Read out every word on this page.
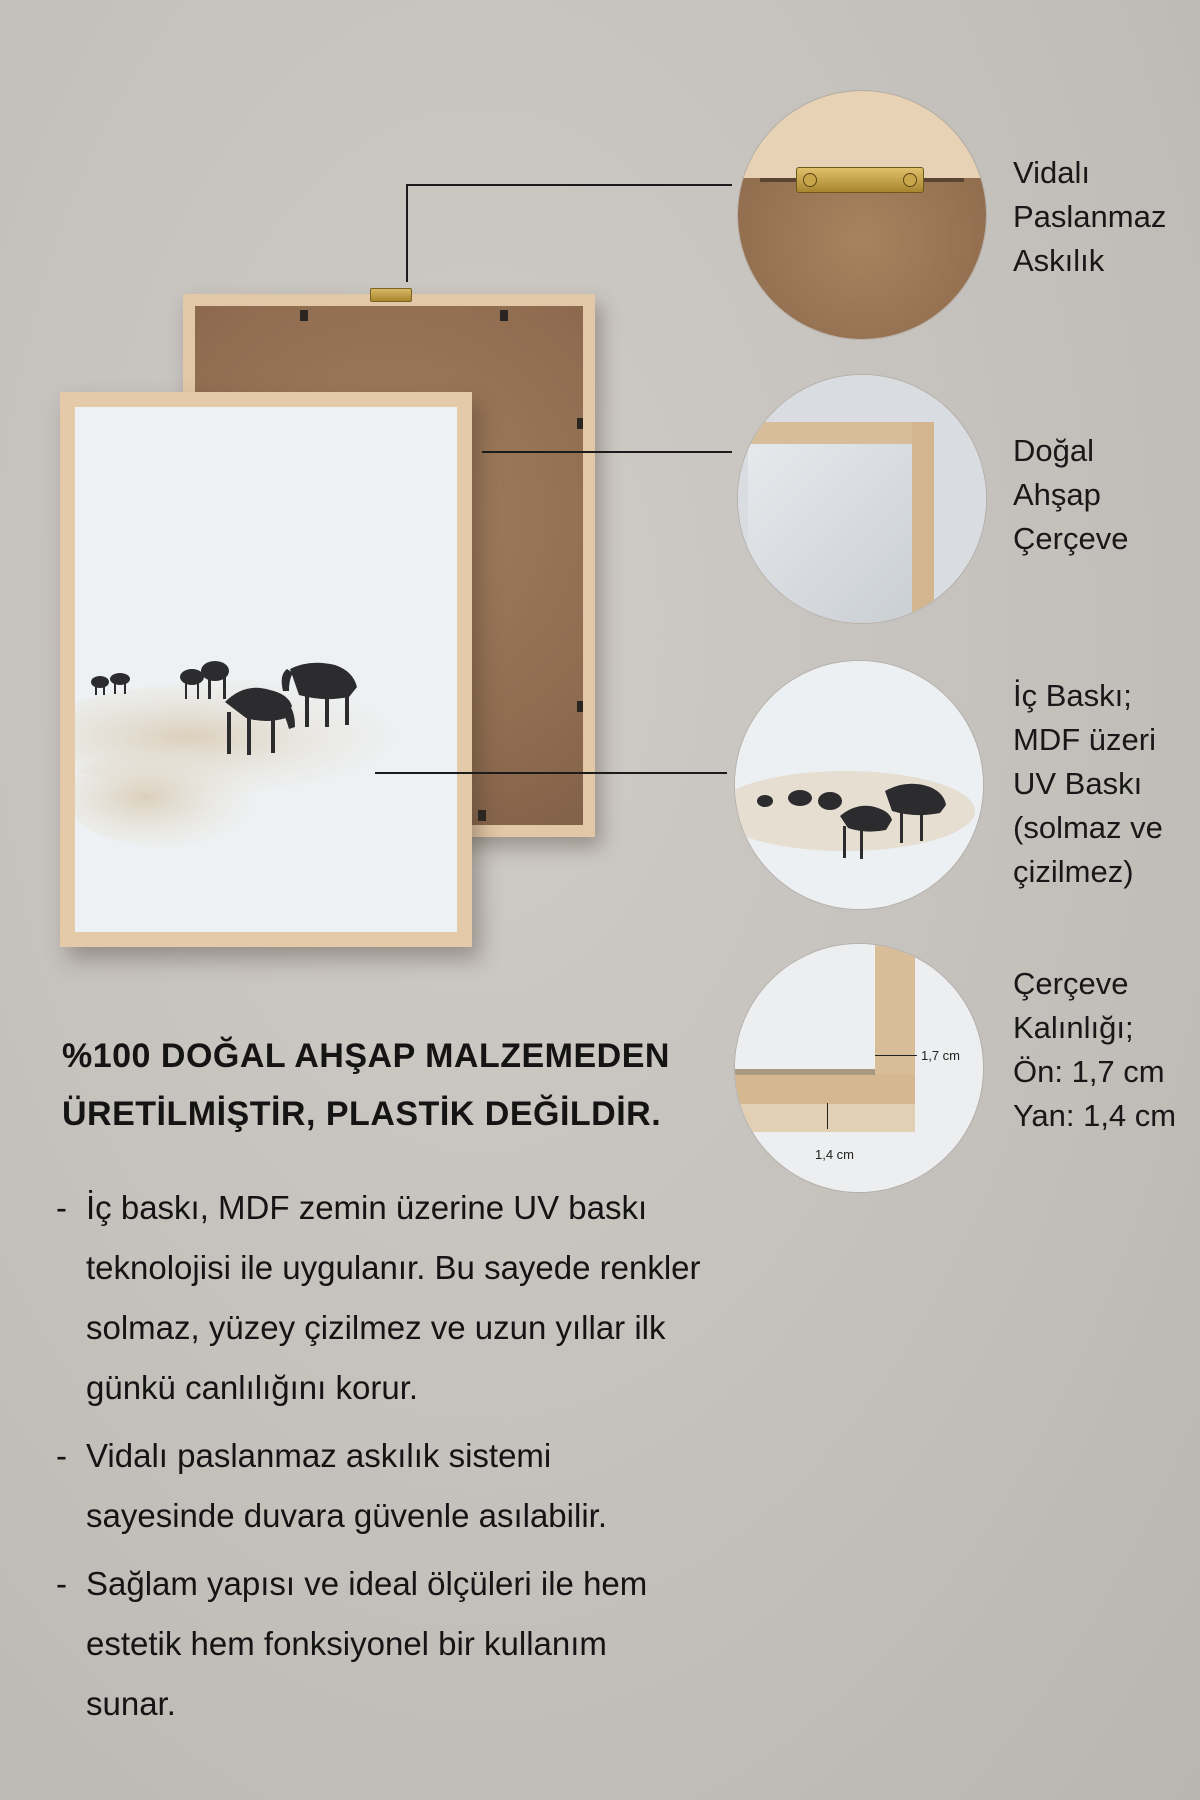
Vidalı
Paslanmaz
Askılık
Doğal
Ahşap
Çerçeve
İç Baskı;
MDF üzeri
UV Baskı
(solmaz ve
çizilmez)
1,7 cm
1,4 cm
Çerçeve
Kalınlığı;
Ön: 1,7 cm
Yan: 1,4 cm
%100 DOĞAL AHŞAP MALZEMEDEN
ÜRETİLMİŞTİR, PLASTİK DEĞİLDİR.
- İç baskı, MDF zemin üzerine UV baskı
teknolojisi ile uygulanır. Bu sayede renkler
solmaz, yüzey çizilmez ve uzun yıllar ilk
günkü canlılığını korur.
- Vidalı paslanmaz askılık sistemi
sayesinde duvara güvenle asılabilir.
- Sağlam yapısı ve ideal ölçüleri ile hem
estetik hem fonksiyonel bir kullanım
sunar.
